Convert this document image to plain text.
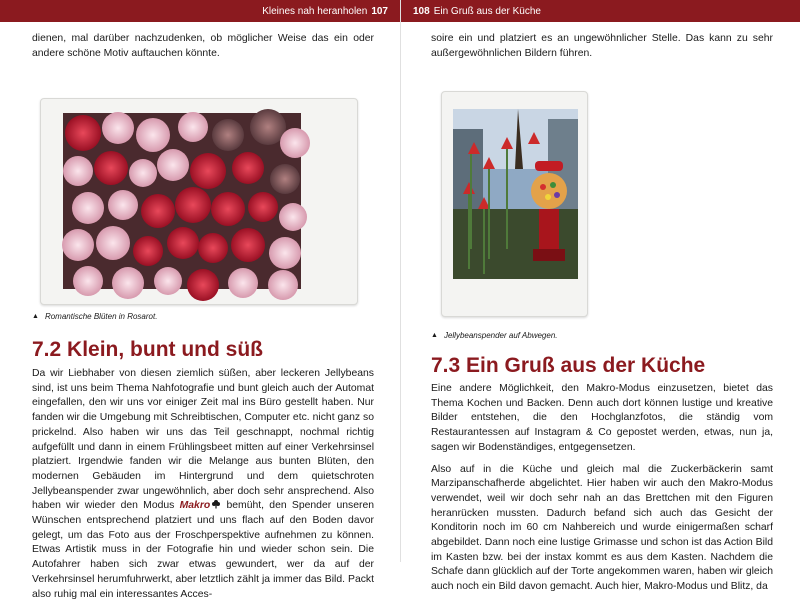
Kleines nah heranholen 107

dienen, mal darüber nachzudenken, ob möglicher Weise das ein oder andere schöne Motiv auftauchen könnte.

▲ Romantische Blüten in Rosarot.
7.2 Klein, bunt und süß

Da wir Liebhaber von diesen ziemlich süßen, aber leckeren Jellybeans sind, ist uns beim Thema Nahfotografie und bunt gleich auch der Automat eingefallen, den wir uns vor einiger Zeit mal ins Büro gestellt haben. Nur fanden wir die Umgebung mit Schreibtischen, Computer etc. nicht ganz so prickelnd. Also haben wir uns das Teil geschnappt, nochmal richtig aufgefüllt und dann in einem Frühlingsbeet mitten auf einer Verkehrsinsel platziert. Irgendwie fanden wir die Melange aus bunten Blüten, den modernen Gebäuden im Hintergrund und dem quietschroten Jellybeanspender zwar ungewöhnlich, aber doch sehr ansprechend. Also haben wir wieder den Modus Makro bemüht, den Spender unseren Wünschen entsprechend platziert und uns flach auf den Boden davor gelegt, um das Foto aus der Froschperspektive aufnehmen zu können. Etwas Artistik muss in der Fotografie hin und wieder schon sein. Die Autofahrer haben sich zwar etwas gewundert, wer da auf der Verkehrsinsel herumfuhrwerkt, aber letztlich zählt ja immer das Bild. Packt also ruhig mal ein interessantes Acces-

108 Ein Gruß aus der Küche

soire ein und platziert es an ungewöhnlicher Stelle. Das kann zu sehr außergewöhnlichen Bildern führen.

▲ Jellybeanspender auf Abwegen.
7.3 Ein Gruß aus der Küche

Eine andere Möglichkeit, den Makro-Modus einzusetzen, bietet das Thema Kochen und Backen. Denn auch dort können lustige und kreative Bilder entstehen, die den Hochglanzfotos, die ständig vom Restaurantessen auf Instagram & Co gepostet werden, etwas, nun ja, sagen wir Bodenständiges, entgegensetzen.

Also auf in die Küche und gleich mal die Zuckerbäckerin samt Marzipanschafherde abgelichtet. Hier haben wir auch den Makro-Modus verwendet, weil wir doch sehr nah an das Brettchen mit den Figuren heranrücken mussten. Dadurch befand sich auch das Gesicht der Konditorin noch im 60 cm Nahbereich und wurde einigermaßen scharf abgebildet. Dann noch eine lustige Grimasse und schon ist das Action Bild im Kasten bzw. bei der instax kommt es aus dem Kasten. Nachdem die Schafe dann glücklich auf der Torte angekommen waren, haben wir gleich auch noch ein Bild davon gemacht. Auch hier, Makro-Modus und Blitz, da
